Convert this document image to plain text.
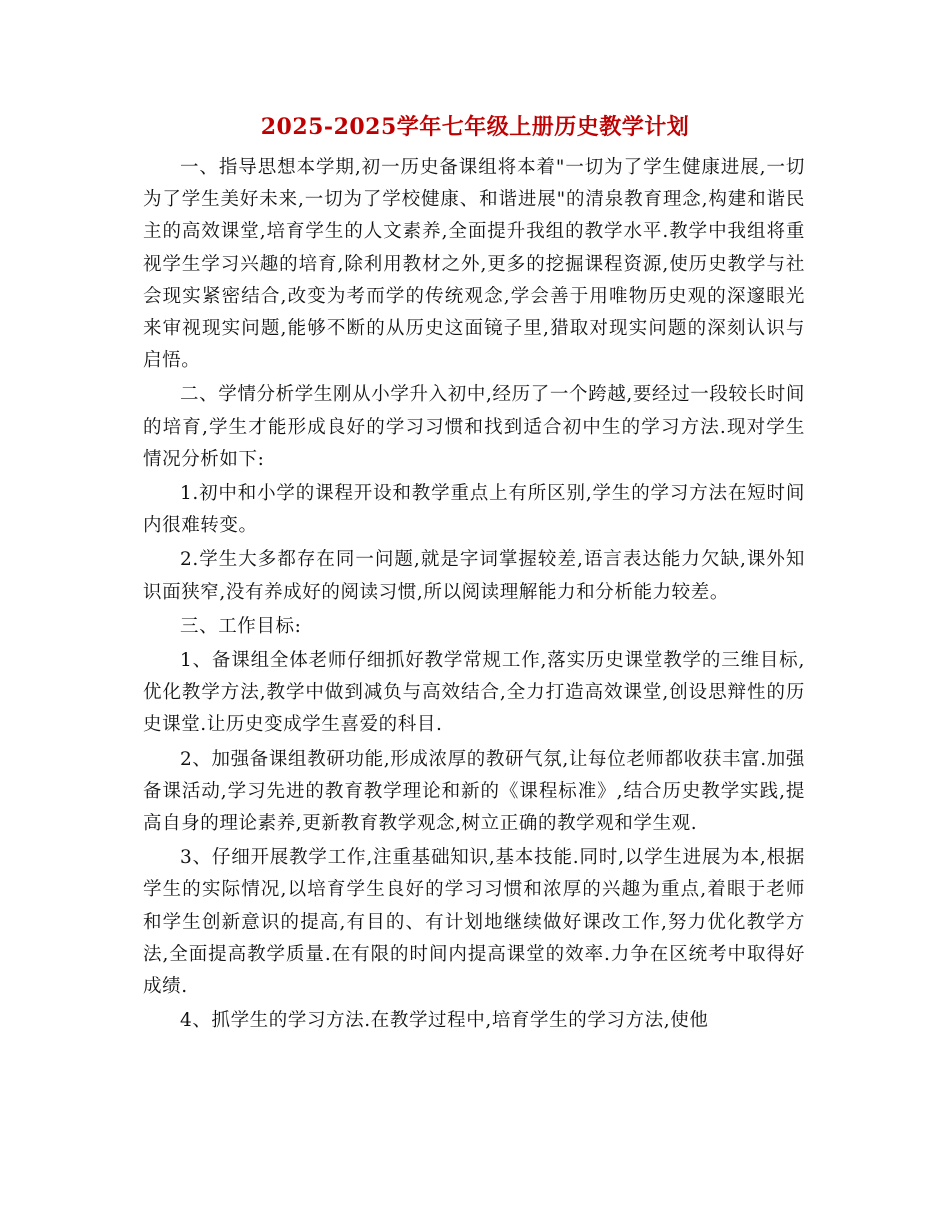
2025-2025学年七年级上册历史教学计划

一、指导思想本学期,初一历史备课组将本着"一切为了学生健康进展,一切为了学生美好未来,一切为了学校健康、和谐进展"的清泉教育理念,构建和谐民主的高效课堂,培育学生的人文素养,全面提升我组的教学水平.教学中我组将重视学生学习兴趣的培育,除利用教材之外,更多的挖掘课程资源,使历史教学与社会现实紧密结合,改变为考而学的传统观念,学会善于用唯物历史观的深邃眼光来审视现实问题,能够不断的从历史这面镜子里,猎取对现实问题的深刻认识与启悟。

二、学情分析学生刚从小学升入初中,经历了一个跨越,要经过一段较长时间的培育,学生才能形成良好的学习习惯和找到适合初中生的学习方法.现对学生情况分析如下:

1.初中和小学的课程开设和教学重点上有所区别,学生的学习方法在短时间内很难转变。

2.学生大多都存在同一问题,就是字词掌握较差,语言表达能力欠缺,课外知识面狭窄,没有养成好的阅读习惯,所以阅读理解能力和分析能力较差。

三、工作目标:

1、备课组全体老师仔细抓好教学常规工作,落实历史课堂教学的三维目标,优化教学方法,教学中做到减负与高效结合,全力打造高效课堂,创设思辩性的历史课堂.让历史变成学生喜爱的科目.

2、加强备课组教研功能,形成浓厚的教研气氛,让每位老师都收获丰富.加强备课活动,学习先进的教育教学理论和新的《课程标准》,结合历史教学实践,提高自身的理论素养,更新教育教学观念,树立正确的教学观和学生观.

3、仔细开展教学工作,注重基础知识,基本技能.同时,以学生进展为本,根据学生的实际情况,以培育学生良好的学习习惯和浓厚的兴趣为重点,着眼于老师和学生创新意识的提高,有目的、有计划地继续做好课改工作,努力优化教学方法,全面提高教学质量.在有限的时间内提高课堂的效率.力争在区统考中取得好成绩.

4、抓学生的学习方法.在教学过程中,培育学生的学习方法,使他
